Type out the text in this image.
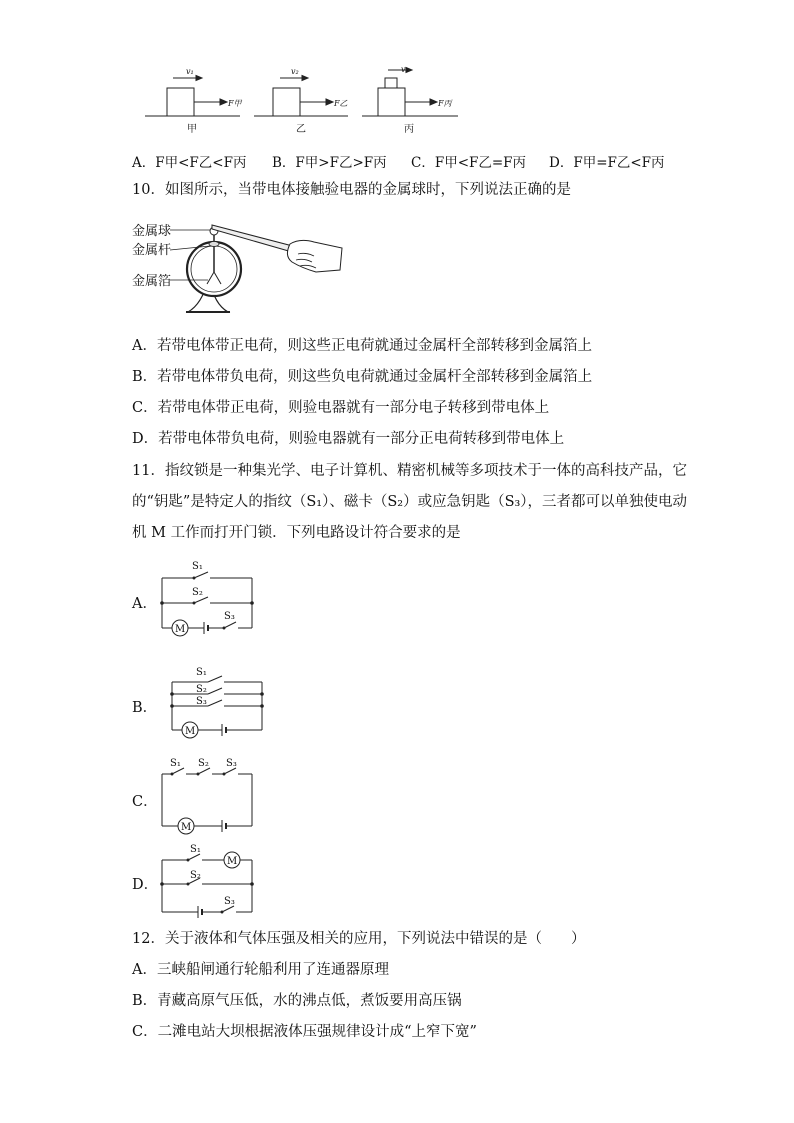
v₁
F甲
甲
v₂
F乙
乙
v₃
F丙
丙
A．F甲<F乙<F丙 B．F甲>F乙>F丙 C．F甲<F乙=F丙 D．F甲=F乙<F丙
10．如图所示，当带电体接触验电器的金属球时，下列说法正确的是
金属球
金属杆
金属箔
A．若带电体带正电荷，则这些正电荷就通过金属杆全部转移到金属箔上
B．若带电体带负电荷，则这些负电荷就通过金属杆全部转移到金属箔上
C．若带电体带正电荷，则验电器就有一部分电子转移到带电体上
D．若带电体带负电荷，则验电器就有一部分正电荷转移到带电体上
11．指纹锁是一种集光学、电子计算机、精密机械等多项技术于一体的高科技产品，它
的“钥匙”是特定人的指纹（S₁）、磁卡（S₂）或应急钥匙（S₃），三者都可以单独使电动
机 M 工作而打开门锁．下列电路设计符合要求的是
A．
S₁
S₂
S₃
M
B．
S₁
S₂
S₃
M
C．
S₁ S₂ S₃
M
D．
S₁
S₂
S₃
M
12．关于液体和气体压强及相关的应用，下列说法中错误的是（　　）
A．三峡船闸通行轮船利用了连通器原理
B．青藏高原气压低，水的沸点低，煮饭要用高压锅
C．二滩电站大坝根据液体压强规律设计成“上窄下宽”
